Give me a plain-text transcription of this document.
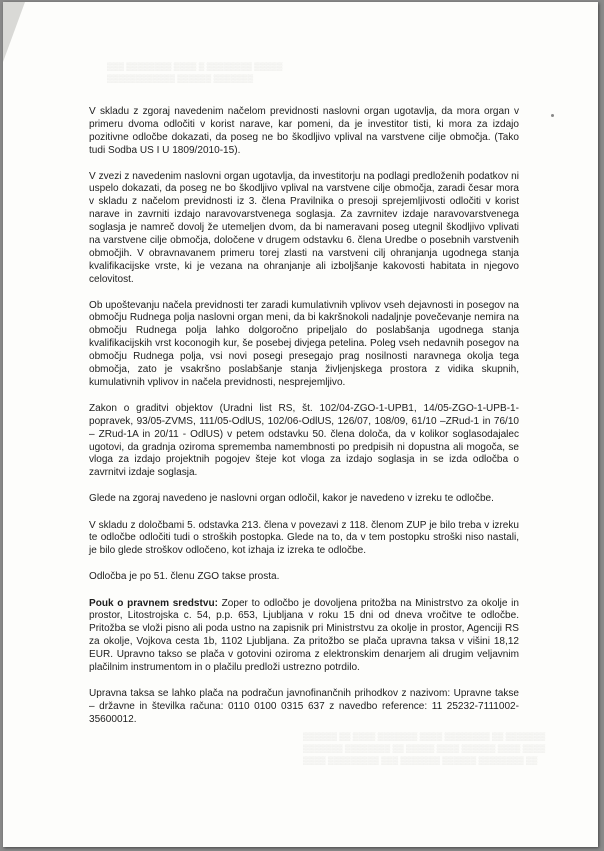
▒▒▒ ▒▒▒▒▒▒▒▒ ▒▒▒▒ ▒ ▒▒▒▒▒▒▒▒ ▒▒▒▒▒
▒▒▒▒▒▒▒▒▒▒▒▒ ▒▒▒▒▒▒ ▒▒▒▒▒▒▒

V skladu z zgoraj navedenim načelom previdnosti naslovni organ ugotavlja, da mora organ v primeru dvoma odločiti v korist narave, kar pomeni, da je investitor tisti, ki mora za izdajo pozitivne odločbe dokazati, da poseg ne bo škodljivo vplival na varstvene cilje območja. (Tako tudi Sodba US I U 1809/2010-15).

V zvezi z navedenim naslovni organ ugotavlja, da investitorju na podlagi predloženih podatkov ni uspelo dokazati, da poseg ne bo škodljivo vplival na varstvene cilje območja, zaradi česar mora v skladu z načelom previdnosti iz 3. člena Pravilnika o presoji sprejemljivosti odločiti v korist narave in zavrniti izdajo naravovarstvenega soglasja. Za zavrnitev izdaje naravovarstvenega soglasja je namreč dovolj že utemeljen dvom, da bi nameravani poseg utegnil škodljivo vplivati na varstvene cilje območja, določene v drugem odstavku 6. člena Uredbe o posebnih varstvenih območjih. V obravnavanem primeru torej zlasti na varstveni cilj ohranjanja ugodnega stanja kvalifikacijske vrste, ki je vezana na ohranjanje ali izboljšanje kakovosti habitata in njegovo celovitost.

Ob upoštevanju načela previdnosti ter zaradi kumulativnih vplivov vseh dejavnosti in posegov na območju Rudnega polja naslovni organ meni, da bi kakršnokoli nadaljnje povečevanje nemira na območju Rudnega polja lahko dolgoročno pripeljalo do poslabšanja ugodnega stanja kvalifikacijskih vrst koconogih kur, še posebej divjega petelina. Poleg vseh nedavnih posegov na območju Rudnega polja, vsi novi posegi presegajo prag nosilnosti naravnega okolja tega območja, zato je vsakršno poslabšanje stanja življenjskega prostora z vidika skupnih, kumulativnih vplivov in načela previdnosti, nesprejemljivo.

Zakon o graditvi objektov (Uradni list RS, št. 102/04-ZGO-1-UPB1, 14/05-ZGO-1-UPB-1-popravek, 93/05-ZVMS, 111/05-OdlUS, 102/06-OdlUS, 126/07, 108/09, 61/10 –ZRud-1 in 76/10 – ZRud-1A in 20/11 - OdlUS) v petem odstavku 50. člena določa, da v kolikor soglasodajalec ugotovi, da gradnja oziroma sprememba namembnosti po predpisih ni dopustna ali mogoča, se vloga za izdajo projektnih pogojev šteje kot vloga za izdajo soglasja in se izda odločba o zavrnitvi izdaje soglasja.

Glede na zgoraj navedeno je naslovni organ odločil, kakor je navedeno v izreku te odločbe.

V skladu z določbami 5. odstavka 213. člena v povezavi z 118. členom ZUP je bilo treba v izreku te odločbe odločiti tudi o stroških postopka. Glede na to, da v tem postopku stroški niso nastali, je bilo glede stroškov odločeno, kot izhaja iz izreka te odločbe.

Odločba je po 51. členu ZGO takse prosta.

Pouk o pravnem sredstvu: Zoper to odločbo je dovoljena pritožba na Ministrstvo za okolje in prostor, Litostrojska c. 54, p.p. 653, Ljubljana v roku 15 dni od dneva vročitve te odločbe. Pritožba se vloži pisno ali poda ustno na zapisnik pri Ministrstvu za okolje in prostor, Agenciji RS za okolje, Vojkova cesta 1b, 1102 Ljubljana. Za pritožbo se plača upravna taksa v višini 18,12 EUR. Upravno takso se plača v gotovini oziroma z elektronskim denarjem ali drugim veljavnim plačilnim instrumentom in o plačilu predloži ustrezno potrdilo.

Upravna taksa se lahko plača na podračun javnofinančnih prihodkov z nazivom: Upravne takse – državne in številka računa: 0110 0100 0315 637 z navedbo reference: 11 25232-7111002-35600012.

▒▒▒▒▒▒ ▒▒ ▒▒▒▒ ▒▒▒▒▒▒▒ ▒▒▒▒ ▒▒▒▒▒▒▒▒ ▒▒ ▒▒▒▒▒▒▒
▒▒▒▒▒▒▒ ▒▒▒▒▒▒▒▒ ▒▒ ▒▒▒▒▒ ▒▒▒▒ ▒▒▒▒▒▒ ▒▒▒▒ ▒▒▒▒
▒▒▒▒ ▒▒▒▒▒▒▒▒▒ ▒▒▒ ▒▒▒▒▒▒▒ ▒▒▒▒▒▒ ▒▒▒▒▒▒▒▒ ▒▒
